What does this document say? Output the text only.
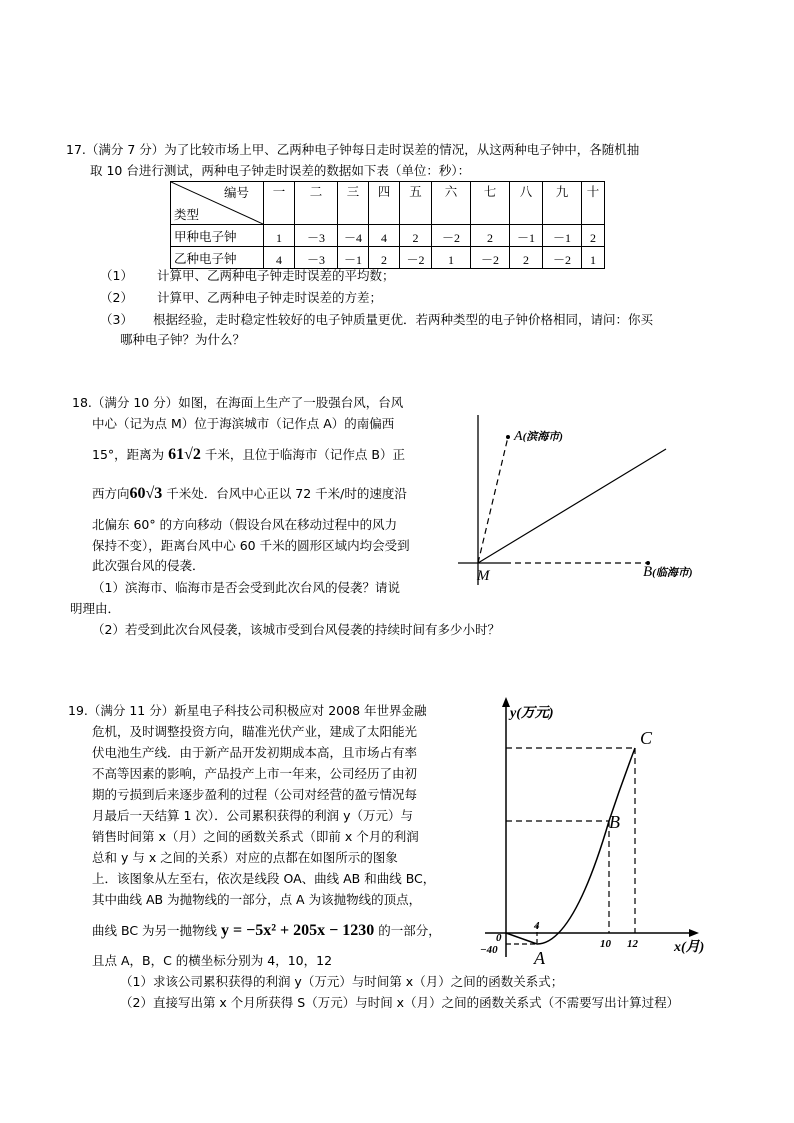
17.（满分 7 分）为了比较市场上甲、乙两种电子钟每日走时误差的情况，从这两种电子钟中，各随机抽
取 10 台进行测试，两种电子钟走时误差的数据如下表（单位：秒）：
编号
类型	一	二	三	四	五	六	七	八	九	十
甲种电子钟	1	－3	－4	4	2	－2	2	－1	－1	2
乙种电子钟	4	－3	－1	2	－2	1	－2	2	－2	1
（1） 计算甲、乙两种电子钟走时误差的平均数；
（2） 计算甲、乙两种电子钟走时误差的方差；
（3） 根据经验，走时稳定性较好的电子钟质量更优．若两种类型的电子钟价格相同，请问：你买
哪种电子钟？为什么？
18.（满分 10 分）如图，在海面上生产了一股强台风，台风
中心（记为点 M）位于海滨城市（记作点 A）的南偏西
15°，距离为 61√2 千米，且位于临海市（记作点 B）正
西方向60√3 千米处．台风中心正以 72 千米/时的速度沿
北偏东 60° 的方向移动（假设台风在移动过程中的风力
保持不变），距离台风中心 60 千米的圆形区域内均会受到
此次强台风的侵袭．
（1）滨海市、临海市是否会受到此次台风的侵袭？请说
明理由．
（2）若受到此次台风侵袭，该城市受到台风侵袭的持续时间有多少小时？
A(滨海市)
B(临海市)
M
19.（满分 11 分）新星电子科技公司积极应对 2008 年世界金融
危机，及时调整投资方向，瞄准光伏产业，建成了太阳能光
伏电池生产线．由于新产品开发初期成本高，且市场占有率
不高等因素的影响，产品投产上市一年来，公司经历了由初
期的亏损到后来逐步盈利的过程（公司对经营的盈亏情况每
月最后一天结算 1 次）．公司累积获得的利润 y（万元）与
销售时间第 x（月）之间的函数关系式（即前 x 个月的利润
总和 y 与 x 之间的关系）对应的点都在如图所示的图象
上．该图象从左至右，依次是线段 OA、曲线 AB 和曲线 BC，
其中曲线 AB 为抛物线的一部分，点 A 为该抛物线的顶点，
曲线 BC 为另一抛物线 y = −5x² + 205x − 1230 的一部分，
且点 A，B，C 的横坐标分别为 4，10，12
（1）求该公司累积获得的利润 y（万元）与时间第 x（月）之间的函数关系式；
（2）直接写出第 x 个月所获得 S（万元）与时间 x（月）之间的函数关系式（不需要写出计算过程）
y(万元)
x(月)
0
−40
4
10 12
A
B
C
